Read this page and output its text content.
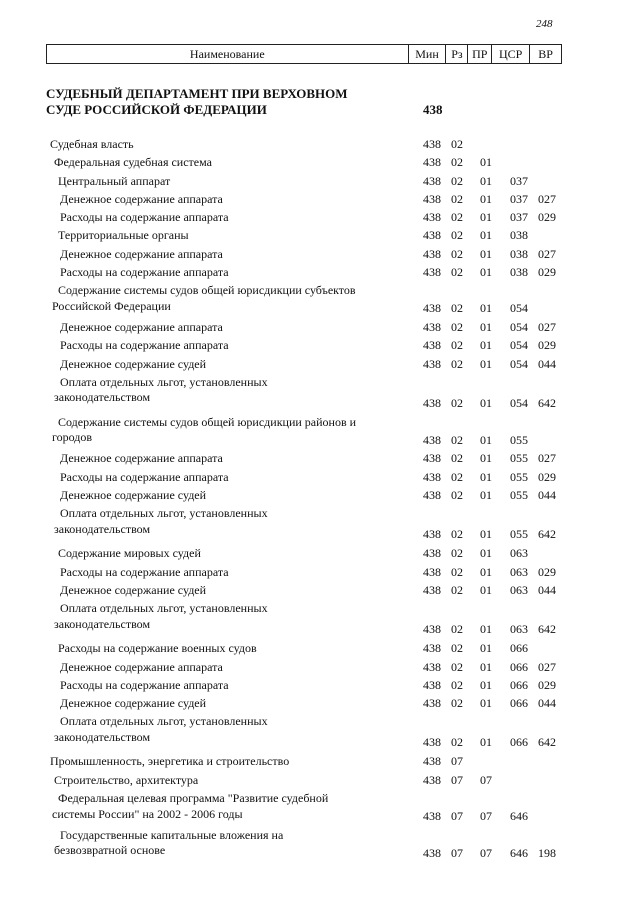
248
Наименование	Мин	Рз ПР ЦСР	ВР
СУДЕБНЫЙ ДЕПАРТАМЕНТ ПРИ ВЕРХОВНОМ
СУДЕ РОССИЙСКОЙ ФЕДЕРАЦИИ	438
Судебная власть	438 02
Федеральная судебная система	438 02 01
Центральный аппарат	438 02 01 037
Денежное содержание аппарата	438 02 01 037 027
Расходы на содержание аппарата	438 02 01 037 029
Территориальные органы	438 02 01 038
Денежное содержание аппарата	438 02 01 038 027
Расходы на содержание аппарата	438 02 01 038 029
Содержание системы судов общей юрисдикции субъектов
Российской Федерации	438 02 01 054
Денежное содержание аппарата	438 02 01 054 027
Расходы на содержание аппарата	438 02 01 054 029
Денежное содержание судей	438 02 01 054 044
Оплата отдельных льгот, установленных
законодательством	438 02 01 054 642
Содержание системы судов общей юрисдикции районов и
городов	438 02 01 055
Денежное содержание аппарата	438 02 01 055 027
Расходы на содержание аппарата	438 02 01 055 029
Денежное содержание судей	438 02 01 055 044
Оплата отдельных льгот, установленных
законодательством	438 02 01 055 642
Содержание мировых судей	438 02 01 063
Расходы на содержание аппарата	438 02 01 063 029
Денежное содержание судей	438 02 01 063 044
Оплата отдельных льгот, установленных
законодательством	438 02 01 063 642
Расходы на содержание военных судов	438 02 01 066
Денежное содержание аппарата	438 02 01 066 027
Расходы на содержание аппарата	438 02 01 066 029
Денежное содержание судей	438 02 01 066 044
Оплата отдельных льгот, установленных
законодательством	438 02 01 066 642
Промышленность, энергетика и строительство	438 07
Строительство, архитектура	438 07 07
Федеральная целевая программа "Развитие судебной
системы России" на 2002 - 2006 годы	438 07 07 646
Государственные капитальные вложения на
безвозвратной основе	438 07 07 646 198
